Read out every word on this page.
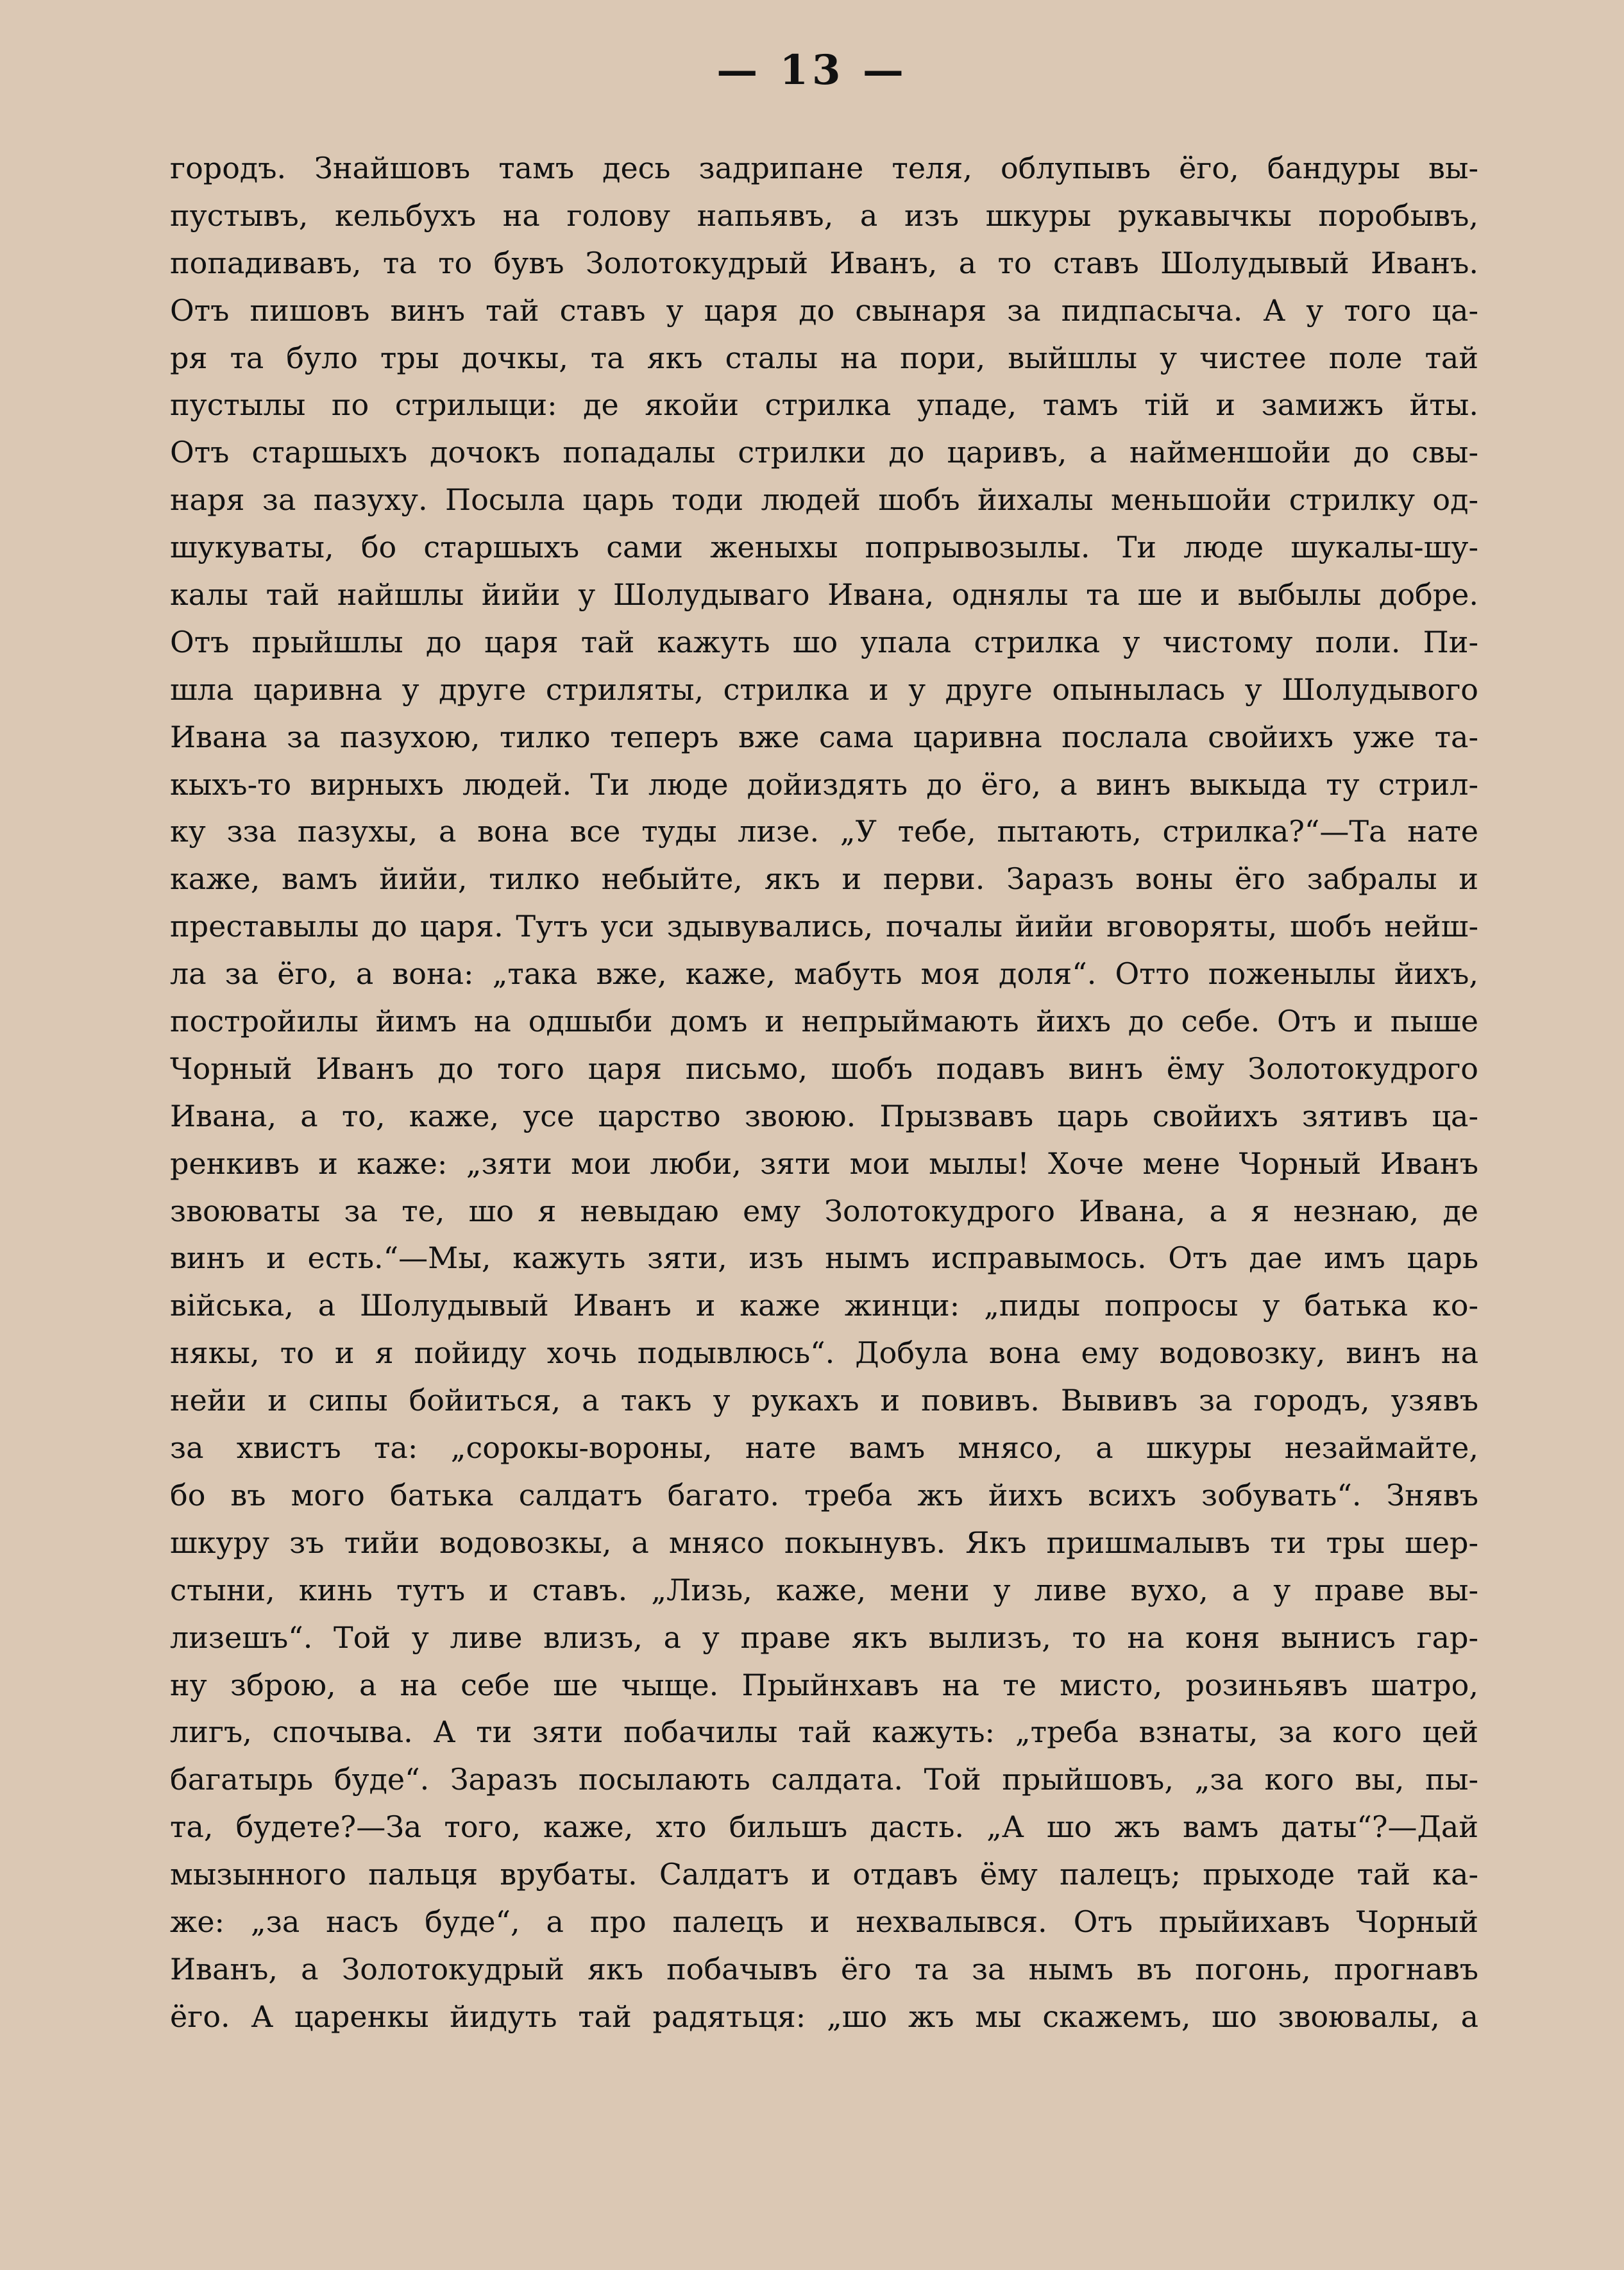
— 13 —
городъ. Знайшовъ тамъ десь задрипане теля, облупывъ ёго, бандуры вы-
пустывъ, кельбухъ на голову напьявъ, а изъ шкуры рукавычкы поробывъ,
попадивавъ, та то бувъ Золотокудрый Иванъ, а то ставъ Шолудывый Иванъ.
Отъ пишовъ винъ тай ставъ у царя до свынаря за пидпасыча. А у того ца-
ря та було тры дочкы, та якъ сталы на пори, выйшлы у чистее поле тай
пустылы по стрилыци: де якойи стрилка упаде, тамъ тій и замижъ йты.
Отъ старшыхъ дочокъ попадалы стрилки до царивъ, а найменшойи до свы-
наря за пазуху. Посыла царь тоди людей шобъ йихалы меньшойи стрилку од-
шукуваты, бо старшыхъ сами женыхы попрывозылы. Ти люде шукалы-шу-
калы тай найшлы йийи у Шолудываго Ивана, однялы та ше и выбылы добре.
Отъ прыйшлы до царя тай кажуть шо упала стрилка у чистому поли. Пи-
шла царивна у друге стриляты, стрилка и у друге опынылась у Шолудывого
Ивана за пазухою, тилко теперъ вже сама царивна послала свойихъ уже та-
кыхъ-то вирныхъ людей. Ти люде дойиздять до ёго, а винъ выкыда ту стрил-
ку зза пазухы, а вона все туды лизе. „У тебе, пытають, стрилка?“—Та нате
каже, вамъ йийи, тилко небыйте, якъ и перви. Заразъ воны ёго забралы и
преставылы до царя. Тутъ уси здывувались, почалы йийи вговоряты, шобъ нейш-
ла за ёго, а вона: „така вже, каже, мабуть моя доля“. Отто поженылы йихъ,
постройилы йимъ на одшыби домъ и непрыймають йихъ до себе. Отъ и пыше
Чорный Иванъ до того царя письмо, шобъ подавъ винъ ёму Золотокудрого
Ивана, а то, каже, усе царство звоюю. Прызвавъ царь свойихъ зятивъ ца-
ренкивъ и каже: „зяти мои люби, зяти мои мылы! Хоче мене Чорный Иванъ
звоюваты за те, шо я невыдаю ему Золотокудрого Ивана, а я незнаю, де
винъ и есть.“—Мы, кажуть зяти, изъ нымъ исправымось. Отъ дае имъ царь
війська, а Шолудывый Иванъ и каже жинци: „пиды попросы у батька ко-
някы, то и я пойиду хочь подывлюсь“. Добула вона ему водовозку, винъ на
нейи и сипы бойиться, а такъ у рукахъ и повивъ. Вывивъ за городъ, узявъ
за хвистъ та: „сорокы-вороны, нате вамъ мнясо, а шкуры незаймайте,
бо въ мого батька салдатъ багато. треба жъ йихъ всихъ зобувать“. Знявъ
шкуру зъ тийи водовозкы, а мнясо покынувъ. Якъ пришмалывъ ти тры шер-
стыни, кинь тутъ и ставъ. „Лизь, каже, мени у ливе вухо, а у праве вы-
лизешъ“. Той у ливе влизъ, а у праве якъ вылизъ, то на коня вынисъ гар-
ну зброю, а на себе ше чыще. Прыйнхавъ на те мисто, розиньявъ шатро,
лигъ, спочыва. А ти зяти побачилы тай кажуть: „треба взнаты, за кого цей
багатырь буде“. Заразъ посылають салдата. Той прыйшовъ, „за кого вы, пы-
та, будете?—За того, каже, хто бильшъ дасть. „А шо жъ вамъ даты“?—Дай
мызынного пальця врубаты. Салдатъ и отдавъ ёму палецъ; прыходе тай ка-
же: „за насъ буде“, а про палецъ и нехвалывся. Отъ прыйихавъ Чорный
Иванъ, а Золотокудрый якъ побачывъ ёго та за нымъ въ погонь, прогнавъ
ёго. А царенкы йидуть тай радятьця: „шо жъ мы скажемъ, шо звоювалы, а
